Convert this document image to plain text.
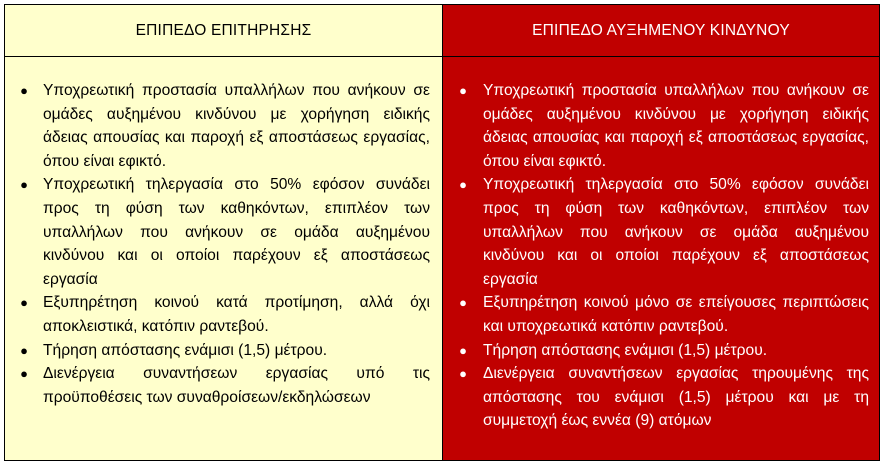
ΕΠΙΠΕΔΟ ΕΠΙΤΗΡΗΣΗΣ	ΕΠΙΠΕΔΟ ΑΥΞΗΜΕΝΟΥ ΚΙΝΔΥΝΟΥ
● Υποχρεωτική προστασία υπαλλήλων που ανήκουν σε ομάδες αυξημένου κινδύνου με χορήγηση ειδικής άδειας απουσίας και παροχή εξ αποστάσεως εργασίας, όπου είναι εφικτό.
● Υποχρεωτική τηλεργασία στο 50% εφόσον συνάδει προς τη φύση των καθηκόντων, επιπλέον των υπαλλήλων που ανήκουν σε ομάδα αυξημένου κινδύνου και οι οποίοι παρέχουν εξ αποστάσεως εργασία
● Εξυπηρέτηση κοινού κατά προτίμηση, αλλά όχι αποκλειστικά, κατόπιν ραντεβού.
● Τήρηση απόστασης ενάμισι (1,5) μέτρου.
● Διενέργεια συναντήσεων εργασίας υπό τις προϋποθέσεις των συναθροίσεων/εκδηλώσεων
● Υποχρεωτική προστασία υπαλλήλων που ανήκουν σε ομάδες αυξημένου κινδύνου με χορήγηση ειδικής άδειας απουσίας και παροχή εξ αποστάσεως εργασίας, όπου είναι εφικτό.
● Υποχρεωτική τηλεργασία στο 50% εφόσον συνάδει προς τη φύση των καθηκόντων, επιπλέον των υπαλλήλων που ανήκουν σε ομάδα αυξημένου κινδύνου και οι οποίοι παρέχουν εξ αποστάσεως εργασία
● Εξυπηρέτηση κοινού μόνο σε επείγουσες περιπτώσεις και υποχρεωτικά κατόπιν ραντεβού.
● Τήρηση απόστασης ενάμισι (1,5) μέτρου.
● Διενέργεια συναντήσεων εργασίας τηρουμένης της απόστασης του ενάμισι (1,5) μέτρου και με τη συμμετοχή έως εννέα (9) ατόμων
